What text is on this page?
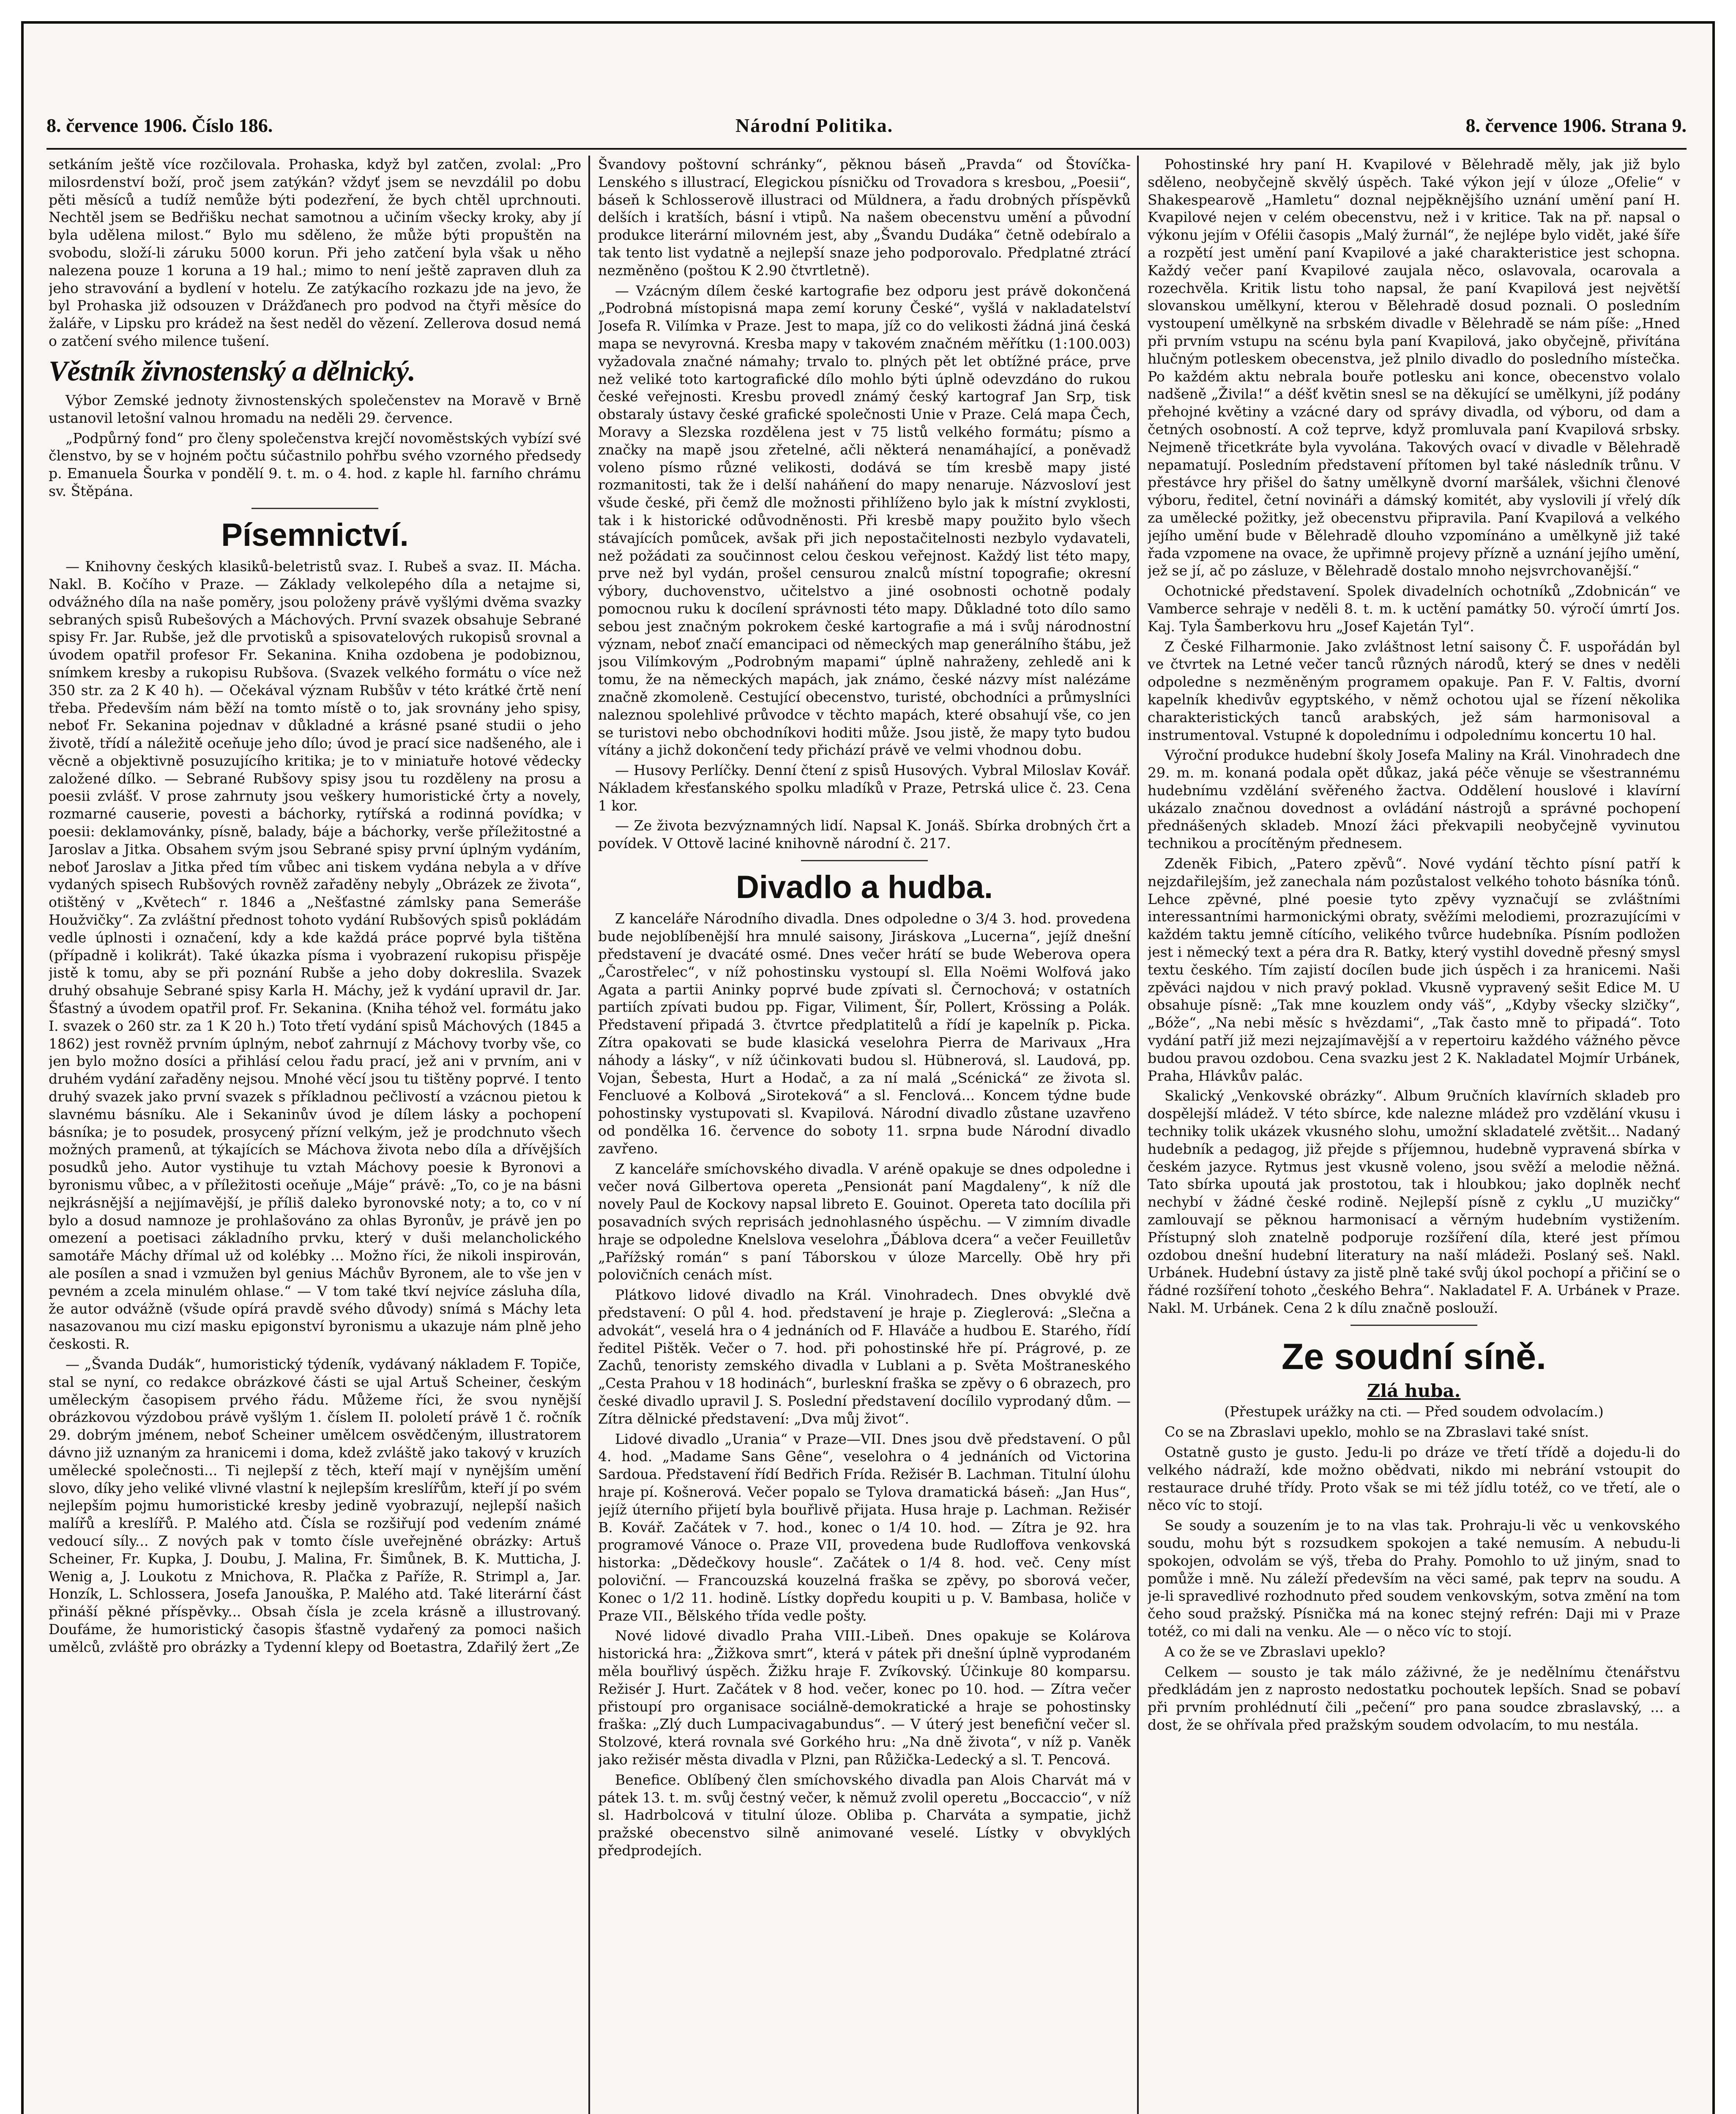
8. července 1906. Číslo 186.	Národní Politika.	8. července 1906. Strana 9.

setkáním ještě více rozčilovala. Prohaska, když byl zatčen, zvolal: „Pro milosrdenství boží, proč jsem zatýkán? vždyť jsem se nevzdálil po dobu pěti měsíců a tudíž nemůže býti podezření, že bych chtěl uprchnouti. Nechtěl jsem se Bedřišku nechat samotnou a učiním všecky kroky, aby jí byla udělena milost.“ Bylo mu sděleno, že může býti propuštěn na svobodu, složí-li záruku 5000 korun. Při jeho zatčení byla však u něho nalezena pouze 1 koruna a 19 hal.; mimo to není ještě zapraven dluh za jeho stravování a bydlení v hotelu. Ze zatýkacího rozkazu jde na jevo, že byl Prohaska již odsouzen v Drážďanech pro podvod na čtyři měsíce do žaláře, v Lipsku pro krádež na šest neděl do vězení. Zellerova dosud nemá o zatčení svého milence tušení.

Věstník živnostenský a dělnický.

Výbor Zemské jednoty živnostenských společenstev na Moravě v Brně ustanovil letošní valnou hromadu na neděli 29. července.

„Podpůrný fond“ pro členy společenstva krejčí novoměstských vybízí své členstvo, by se v hojném počtu súčastnilo pohřbu svého vzorného předsedy p. Emanuela Šourka v pondělí 9. t. m. o 4. hod. z kaple hl. farního chrámu sv. Štěpána.

Písemnictví.

— Knihovny českých klasiků-beletristů svaz. I. Rubeš a svaz. II. Mácha. Nakl. B. Kočího v Praze. — Základy velkolepého díla a netajme si, odvážného díla na naše poměry, jsou položeny právě vyšlými dvěma svazky sebraných spisů Rubešových a Máchových. První svazek obsahuje Sebrané spisy Fr. Jar. Rubše, jež dle prvotisků a spisovatelových rukopisů srovnal a úvodem opatřil profesor Fr. Sekanina. Kniha ozdobena je podobiznou, snímkem kresby a rukopisu Rubšova. (Svazek velkého formátu o více než 350 str. za 2 K 40 h). — Očekával význam Rubšův v této krátké črtě není třeba. Především nám běží na tomto místě o to, jak srovnány jeho spisy, neboť Fr. Sekanina pojednav v důkladné a krásné psané studii o jeho životě, třídí a náležitě oceňuje jeho dílo; úvod je prací sice nadšeného, ale i věcně a objektivně posuzujícího kritika; je to v miniatuře hotové vědecky založené dílko. — Sebrané Rubšovy spisy jsou tu rozděleny na prosu a poesii zvlášť. V prose zahrnuty jsou veškery humoristické črty a novely, rozmarné causerie, povesti a báchorky, rytířská a rodinná povídka; v poesii: deklamovánky, písně, balady, báje a báchorky, verše příležitostné a Jaroslav a Jitka. Obsahem svým jsou Sebrané spisy první úplným vydáním, neboť Jaroslav a Jitka před tím vůbec ani tiskem vydána nebyla a v dříve vydaných spisech Rubšových rovněž zařaděny nebyly „Obrázek ze života“, otištěný v „Květech“ r. 1846 a „Nešťastné zámlsky pana Semeráše Houžvičky“. Za zvláštní přednost tohoto vydání Rubšových spisů pokládám vedle úplnosti i označení, kdy a kde každá práce poprvé byla tištěna (případně i kolikrát). Také úkazka písma i vyobrazení rukopisu přispěje jistě k tomu, aby se při poznání Rubše a jeho doby dokreslila. Svazek druhý obsahuje Sebrané spisy Karla H. Máchy, jež k vydání upravil dr. Jar. Šťastný a úvodem opatřil prof. Fr. Sekanina. (Kniha téhož vel. formátu jako I. svazek o 260 str. za 1 K 20 h.) Toto třetí vydání spisů Máchových (1845 a 1862) jest rovněž prvním úplným, neboť zahrnují z Máchovy tvorby vše, co jen bylo možno dosíci a přihlásí celou řadu prací, jež ani v prvním, ani v druhém vydání zařaděny nejsou. Mnohé věcí jsou tu tištěny poprvé. I tento druhý svazek jako první svazek s příkladnou pečlivostí a vzácnou pietou k slavnému básníku. Ale i Sekaninův úvod je dílem lásky a pochopení básníka; je to posudek, prosycený přízní velkým, jež je prodchnuto všech možných pramenů, at týkajících se Máchova života nebo díla a dřívějších posudků jeho. Autor vystihuje tu vztah Máchovy poesie k Byronovi a byronismu vůbec, a v příležitosti oceňuje „Máje“ právě: „To, co je na básni nejkrásnější a nejjímavější, je příliš daleko byronovské noty; a to, co v ní bylo a dosud namnoze je prohlašováno za ohlas Byronův, je právě jen po omezení a poetisaci základního prvku, který v duši melancholického samotáře Máchy dřímal už od kolébky ... Možno říci, že nikoli inspirován, ale posílen a snad i vzmužen byl genius Máchův Byronem, ale to vše jen v pevném a zcela minulém ohlase.“ — V tom také tkví nejvíce zásluha díla, že autor odvážně (všude opírá pravdě svého důvody) snímá s Máchy leta nasazovanou mu cizí masku epigonství byronismu a ukazuje nám plně jeho českosti. R.

— „Švanda Dudák“, humoristický týdeník, vydávaný nákladem F. Topiče, stal se nyní, co redakce obrázkové části se ujal Artuš Scheiner, českým uměleckým časopisem prvého řádu. Můžeme říci, že svou nynější obrázkovou výzdobou právě vyšlým 1. číslem II. pololetí právě 1 č. ročník 29. dobrým jménem, neboť Scheiner umělcem osvědčeným, illustratorem dávno již uznaným za hranicemi i doma, kdež zvláště jako takový v kruzích umělecké společnosti... Ti nejlepší z těch, kteří mají v nynějším umění slovo, díky jeho veliké vlivné vlastní k nejlepším kreslířům, kteří jí po svém nejlepším pojmu humoristické kresby jedině vyobrazují, nejlepší našich malířů a kreslířů. P. Malého atd. Čísla se rozšiřují pod vedením známé vedoucí síly... Z nových pak v tomto čísle uveřejněné obrázky: Artuš Scheiner, Fr. Kupka, J. Doubu, J. Malina, Fr. Šimůnek, B. K. Mutticha, J. Wenig a, J. Loukotu z Mnichova, R. Plačka z Paříže, R. Strimpl a, Jar. Honzík, L. Schlossera, Josefa Janouška, P. Malého atd. Také literární část přináší pěkné příspěvky... Obsah čísla je zcela krásně a illustrovaný. Doufáme, že humoristický časopis šťastně vydařený za pomoci našich umělců, zvláště pro obrázky a Tydenní klepy od Boetastra, Zdařilý žert „Ze

Švandovy poštovní schránky“, pěknou báseň „Pravda“ od Štovíčka-Lenského s illustrací, Elegickou písničku od Trovadora s kresbou, „Poesii“, báseň k Schlosserově illustraci od Müldnera, a řadu drobných příspěvků delších i kratších, básní i vtipů. Na našem obecenstvu umění a původní produkce literární milovném jest, aby „Švandu Dudáka“ četně odebíralo a tak tento list vydatně a nejlepší snaze jeho podporovalo. Předplatné ztrácí nezměněno (poštou K 2.90 čtvrtletně).

— Vzácným dílem české kartografie bez odporu jest právě dokončená „Podrobná místopisná mapa zemí koruny České“, vyšlá v nakladatelství Josefa R. Vilímka v Praze. Jest to mapa, jíž co do velikosti žádná jiná česká mapa se nevyrovná. Kresba mapy v takovém značném měřítku (1:100.003) vyžadovala značné námahy; trvalo to. plných pět let obtížné práce, prve než veliké toto kartografické dílo mohlo býti úplně odevzdáno do rukou české veřejnosti. Kresbu provedl známý český kartograf Jan Srp, tisk obstaraly ústavy české grafické společnosti Unie v Praze. Celá mapa Čech, Moravy a Slezska rozdělena jest v 75 listů velkého formátu; písmo a značky na mapě jsou zřetelné, ačli některá nenamáhající, a poněvadž voleno písmo různé velikosti, dodává se tím kresbě mapy jisté rozmanitosti, tak že i delší naháňení do mapy nenaruje. Názvosloví jest všude české, při čemž dle možnosti přihlíženo bylo jak k místní zvyklosti, tak i k historické odůvodněnosti. Při kresbě mapy použito bylo všech stávajících pomůcek, avšak při jich nepostačitelnosti nezbylo vydavateli, než požádati za součinnost celou českou veřejnost. Každý list této mapy, prve než byl vydán, prošel censurou znalců místní topografie; okresní výbory, duchovenstvo, učitelstvo a jiné osobnosti ochotně podaly pomocnou ruku k docílení správnosti této mapy. Důkladné toto dílo samo sebou jest značným pokrokem české kartografie a má i svůj národnostní význam, neboť značí emancipaci od německých map generálního štábu, jež jsou Vilímkovým „Podrobným mapami“ úplně nahraženy, zehledě ani k tomu, že na německých mapách, jak známo, české názvy míst nalézáme značně zkomoleně. Cestující obecenstvo, turisté, obchodníci a průmyslníci naleznou spolehlivé průvodce v těchto mapách, které obsahují vše, co jen se turistovi nebo obchodníkovi hoditi může. Jsou jistě, že mapy tyto budou vítány a jichž dokončení tedy přichází právě ve velmi vhodnou dobu.

— Husovy Perlíčky. Denní čtení z spisů Husových. Vybral Miloslav Kovář. Nákladem křesťanského spolku mladíků v Praze, Petrská ulice č. 23. Cena 1 kor.

— Ze života bezvýznamných lidí. Napsal K. Jonáš. Sbírka drobných črt a povídek. V Ottově laciné knihovně národní č. 217.

Divadlo a hudba.

Z kanceláře Národního divadla. Dnes odpoledne o 3/4 3. hod. provedena bude nejoblíbenější hra mnulé saisony, Jiráskova „Lucerna“, jejíž dnešní představení je dvacáté osmé. Dnes večer hrátí se bude Weberova opera „Čarostřelec“, v níž pohostinsku vystoupí sl. Ella Noëmi Wolfová jako Agata a partii Aninky poprvé bude zpívati sl. Černochová; v ostatních partiích zpívati budou pp. Figar, Viliment, Šír, Pollert, Krössing a Polák. Představení připadá 3. čtvrtce předplatitelů a řídí je kapelník p. Picka. Zítra opakovati se bude klasická veselohra Pierra de Marivaux „Hra náhody a lásky“, v níž účinkovati budou sl. Hübnerová, sl. Laudová, pp. Vojan, Šebesta, Hurt a Hodač, a za ní malá „Scénická“ ze života sl. Fencluové a Kolbová „Siroteková“ a sl. Fenclová... Koncem týdne bude pohostinsky vystupovati sl. Kvapilová. Národní divadlo zůstane uzavřeno od pondělka 16. července do soboty 11. srpna bude Národní divadlo zavřeno.

Z kanceláře smíchovského divadla. V aréně opakuje se dnes odpoledne i večer nová Gilbertova opereta „Pensionát paní Magdaleny“, k níž dle novely Paul de Kockovy napsal libreto E. Gouinot. Opereta tato docílila při posavadních svých reprisách jednohlasného úspěchu. — V zimním divadle hraje se odpoledne Knelslova veselohra „Ďáblova dcera“ a večer Feuilletův „Pařížský román“ s paní Táborskou v úloze Marcelly. Obě hry při polovičních cenách míst.

Plátkovo lidové divadlo na Král. Vinohradech. Dnes obvyklé dvě představení: O půl 4. hod. představení je hraje p. Zieglerová: „Slečna a advokát“, veselá hra o 4 jednáních od F. Hlaváče a hudbou E. Starého, řídí ředitel Pištěk. Večer o 7. hod. při pohostinské hře pí. Prágrové, p. ze Zachů, tenoristy zemského divadla v Lublani a p. Světa Moštraneského „Cesta Prahou v 18 hodinách“, burleskní fraška se zpěvy o 6 obrazech, pro české divadlo upravil J. S. Poslední představení docílilo vyprodaný dům. — Zítra dělnické představení: „Dva můj život“.

Lidové divadlo „Urania“ v Praze—VII. Dnes jsou dvě představení. O půl 4. hod. „Madame Sans Gêne“, veselohra o 4 jednáních od Victorina Sardoua. Představení řídí Bedřich Frída. Režisér B. Lachman. Titulní úlohu hraje pí. Košnerová. Večer popalo se Tylova dramatická báseň: „Jan Hus“, jejíž úterního přijetí byla bouřlivě přijata. Husa hraje p. Lachman. Režisér B. Kovář. Začátek v 7. hod., konec o 1/4 10. hod. — Zítra je 92. hra programové Vánoce o. Praze VII, provedena bude Rudloffova venkovská historka: „Dědečkovy housle“. Začátek o 1/4 8. hod. več. Ceny míst poloviční. — Francouzská kouzelná fraška se zpěvy, po sborová večer, Konec o 1/2 11. hodině. Lístky dopředu koupiti u p. V. Bambasa, holiče v Praze VII., Bělského třída vedle pošty.

Nové lidové divadlo Praha VIII.-Libeň. Dnes opakuje se Kolárova historická hra: „Žižkova smrt“, která v pátek při dnešní úplně vyprodaném měla bouřlivý úspěch. Žižku hraje F. Zvíkovský. Účinkuje 80 komparsu. Režisér J. Hurt. Začátek v 8 hod. večer, konec po 10. hod. — Zítra večer přistoupí pro organisace sociálně-demokratické a hraje se pohostinsky fraška: „Zlý duch Lumpacivagabundus“. — V úterý jest benefiční večer sl. Stolzové, která rovnala své Gorkého hru: „Na dně života“, v níž p. Vaněk jako režisér města divadla v Plzni, pan Růžička-Ledecký a sl. T. Pencová.

Benefice. Oblíbený člen smíchovského divadla pan Alois Charvát má v pátek 13. t. m. svůj čestný večer, k němuž zvolil operetu „Boccaccio“, v níž sl. Hadrbolcová v titulní úloze. Obliba p. Charváta a sympatie, jichž pražské obecenstvo silně animované veselé. Lístky v obvyklých předprodejích.

Pohostinské hry paní H. Kvapilové v Bělehradě měly, jak již bylo sděleno, neobyčejně skvělý úspěch. Také výkon její v úloze „Ofelie“ v Shakespearově „Hamletu“ doznal nejpěknějšího uznání umění paní H. Kvapilové nejen v celém obecenstvu, než i v kritice. Tak na př. napsal o výkonu jejím v Ofélii časopis „Malý žurnál“, že nejlépe bylo vidět, jaké šíře a rozpětí jest umění paní Kvapilové a jaké charakteristice jest schopna. Každý večer paní Kvapilové zaujala něco, oslavovala, ocarovala a rozechvěla. Kritik listu toho napsal, že paní Kvapilová jest největší slovanskou umělkyní, kterou v Bělehradě dosud poznali. O posledním vystoupení umělkyně na srbském divadle v Bělehradě se nám píše: „Hned při prvním vstupu na scénu byla paní Kvapilová, jako obyčejně, přivítána hlučným potleskem obecenstva, jež plnilo divadlo do posledního místečka. Po každém aktu nebrala bouře potlesku ani konce, obecenstvo volalo nadšeně „Živila!“ a déšť květin snesl se na děkující se umělkyni, jíž podány přehojné květiny a vzácné dary od správy divadla, od výboru, od dam a četných osobností. A což teprve, když promluvala paní Kvapilová srbsky. Nejmeně třicetkráte byla vyvolána. Takových ovací v divadle v Bělehradě nepamatují. Posledním představení přítomen byl také následník trůnu. V přestávce hry přišel do šatny umělkyně dvorní maršálek, všichni členové výboru, ředitel, četní novináři a dámský komitét, aby vyslovili jí vřelý dík za umělecké požitky, jež obecenstvu připravila. Paní Kvapilová a velkého jejího umění bude v Bělehradě dlouho vzpomínáno a umělkyně již také řada vzpomene na ovace, že upřimně projevy přízně a uznání jejího umění, jež se jí, ač po zásluze, v Bělehradě dostalo mnoho nejsvrchovanější.“

Ochotnické představení. Spolek divadelních ochotníků „Zdobnicán“ ve Vamberce sehraje v neděli 8. t. m. k uctění památky 50. výročí úmrtí Jos. Kaj. Tyla Šamberkovu hru „Josef Kajetán Tyl“.

Z České Filharmonie. Jako zvláštnost letní saisony Č. F. uspořádán byl ve čtvrtek na Letné večer tanců různých národů, který se dnes v neděli odpoledne s nezměněným programem opakuje. Pan F. V. Faltis, dvorní kapelník khedivův egyptského, v němž ochotou ujal se řízení několika charakteristických tanců arabských, jež sám harmonisoval a instrumentoval. Vstupné k dopolednímu i odpolednímu koncertu 10 hal.

Výroční produkce hudební školy Josefa Maliny na Král. Vinohradech dne 29. m. m. konaná podala opět důkaz, jaká péče věnuje se všestrannému hudebnímu vzdělání svěřeného žactva. Oddělení houslové i klavírní ukázalo značnou dovednost a ovládání nástrojů a správné pochopení přednášených skladeb. Mnozí žáci překvapili neobyčejně vyvinutou technikou a procítěným přednesem.

Zdeněk Fibich, „Patero zpěvů“. Nové vydání těchto písní patří k nejzdařilejším, jež zanechala nám pozůstalost velkého tohoto básníka tónů. Lehce zpěvné, plné poesie tyto zpěvy vyznačují se zvláštními interessantními harmonickými obraty, svěžími melodiemi, prozrazujícími v každém taktu jemně cítícího, velikého tvůrce hudebníka. Písním podložen jest i německý text a péra dra R. Batky, který vystihl dovedně přesný smysl textu českého. Tím zajistí docílen bude jich úspěch i za hranicemi. Naši zpěváci najdou v nich pravý poklad. Vkusně vypravený sešit Edice M. U obsahuje písně: „Tak mne kouzlem ondy váš“, „Kdyby všecky slzičky“, „Bóže“, „Na nebi měsíc s hvězdami“, „Tak často mně to připadá“. Toto vydání patří již mezi nejzajímavější a v repertoiru každého vážného pěvce budou pravou ozdobou. Cena svazku jest 2 K. Nakladatel Mojmír Urbánek, Praha, Hlávkův palác.

Skalický „Venkovské obrázky“. Album 9ručních klavírních skladeb pro dospělejší mládež. V této sbírce, kde nalezne mládež pro vzdělání vkusu i techniky tolik ukázek vkusného slohu, umožní skladatelé zvětšit... Nadaný hudebník a pedagog, již přejde s příjemnou, hudebně vypravená sbírka v českém jazyce. Rytmus jest vkusně voleno, jsou svěží a melodie něžná. Tato sbírka upoutá jak prostotou, tak i hloubkou; jako doplněk nechť nechybí v žádné české rodině. Nejlepší písně z cyklu „U muzičky“ zamlouvají se pěknou harmonisací a věrným hudebním vystižením. Přístupný sloh znatelně podporuje rozšíření díla, které jest přímou ozdobou dnešní hudební literatury na naší mládeži. Poslaný seš. Nakl. Urbánek. Hudební ústavy za jistě plně také svůj úkol pochopí a přičiní se o řádné rozšíření tohoto „českého Behra“. Nakladatel F. A. Urbánek v Praze. Nakl. M. Urbánek. Cena 2 k dílu značně poslouží.

Ze soudní síně.
Zlá huba.

(Přestupek urážky na cti. — Před soudem odvolacím.)

Co se na Zbraslavi upeklo, mohlo se na Zbraslavi také sníst.

Ostatně gusto je gusto. Jedu-li po dráze ve třetí třídě a dojedu-li do velkého nádraží, kde možno obědvati, nikdo mi nebrání vstoupit do restaurace druhé třídy. Proto však se mi též jídlu totéž, co ve třetí, ale o něco víc to stojí.

Se soudy a souzením je to na vlas tak. Prohraju-li věc u venkovského soudu, mohu být s rozsudkem spokojen a také nemusím. A nebudu-li spokojen, odvolám se výš, třeba do Prahy. Pomohlo to už jiným, snad to pomůže i mně. Nu záleží především na věci samé, pak teprv na soudu. A je-li spravedlivé rozhodnuto před soudem venkovským, sotva změní na tom čeho soud pražský. Písnička má na konec stejný refrén: Daji mi v Praze totéž, co mi dali na venku. Ale — o něco víc to stojí.

A co že se ve Zbraslavi upeklo?

Celkem — sousto je tak málo záživné, že je nedělnímu čtenářstvu předkládám jen z naprosto nedostatku pochoutek lepších. Snad se pobaví při prvním prohlédnutí čili „pečení“ pro pana soudce zbraslavský, ... a dost, že se ohřívala před pražským soudem odvolacím, to mu nestála.
